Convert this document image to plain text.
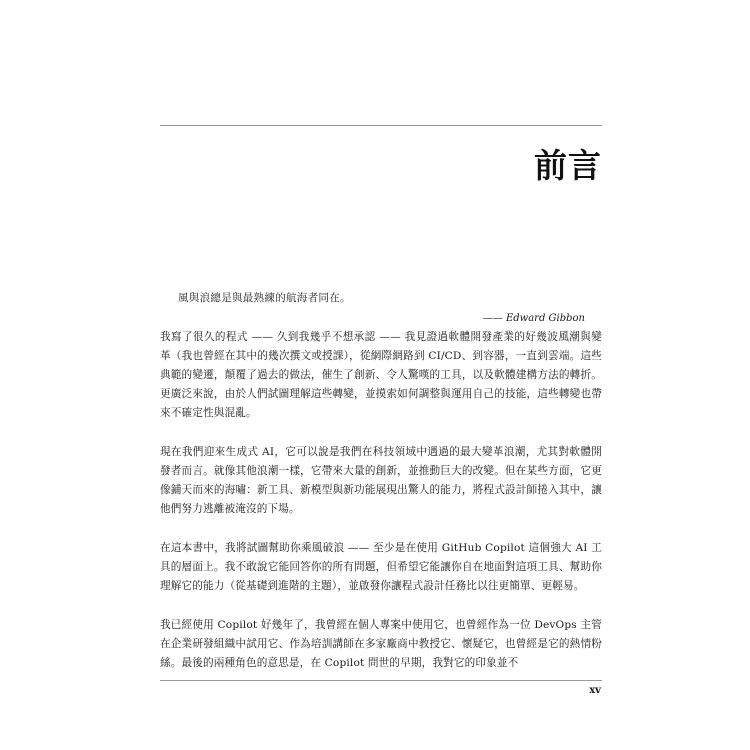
前言

風與浪總是與最熟練的航海者同在。

—— Edward Gibbon

我寫了很久的程式 —— 久到我幾乎不想承認 —— 我見證過軟體開發產業的好幾波風潮與變革（我也曾經在其中的幾次撰文或授課），從網際網路到 CI/CD、到容器，一直到雲端。這些典範的變遷，顛覆了過去的做法，催生了創新、令人驚嘆的工具，以及軟體建構方法的轉折。更廣泛來說，由於人們試圖理解這些轉變，並摸索如何調整與運用自己的技能，這些轉變也帶來不確定性與混亂。

現在我們迎來生成式 AI，它可以說是我們在科技領域中遇過的最大變革浪潮，尤其對軟體開發者而言。就像其他浪潮一樣，它帶來大量的創新，並推動巨大的改變。但在某些方面，它更像鋪天而來的海嘯：新工具、新模型與新功能展現出驚人的能力，將程式設計師捲入其中，讓他們努力逃離被淹沒的下場。

在這本書中，我將試圖幫助你乘風破浪 —— 至少是在使用 GitHub Copilot 這個強大 AI 工具的層面上。我不敢說它能回答你的所有問題，但希望它能讓你自在地面對這項工具、幫助你理解它的能力（從基礎到進階的主題），並啟發你讓程式設計任務比以往更簡單、更輕易。

我已經使用 Copilot 好幾年了，我曾經在個人專案中使用它，也曾經作為一位 DevOps 主管在企業研發組織中試用它、作為培訓講師在多家廠商中教授它、懷疑它，也曾經是它的熱情粉絲。最後的兩種角色的意思是，在 Copilot 問世的早期，我對它的印象並不

xv
